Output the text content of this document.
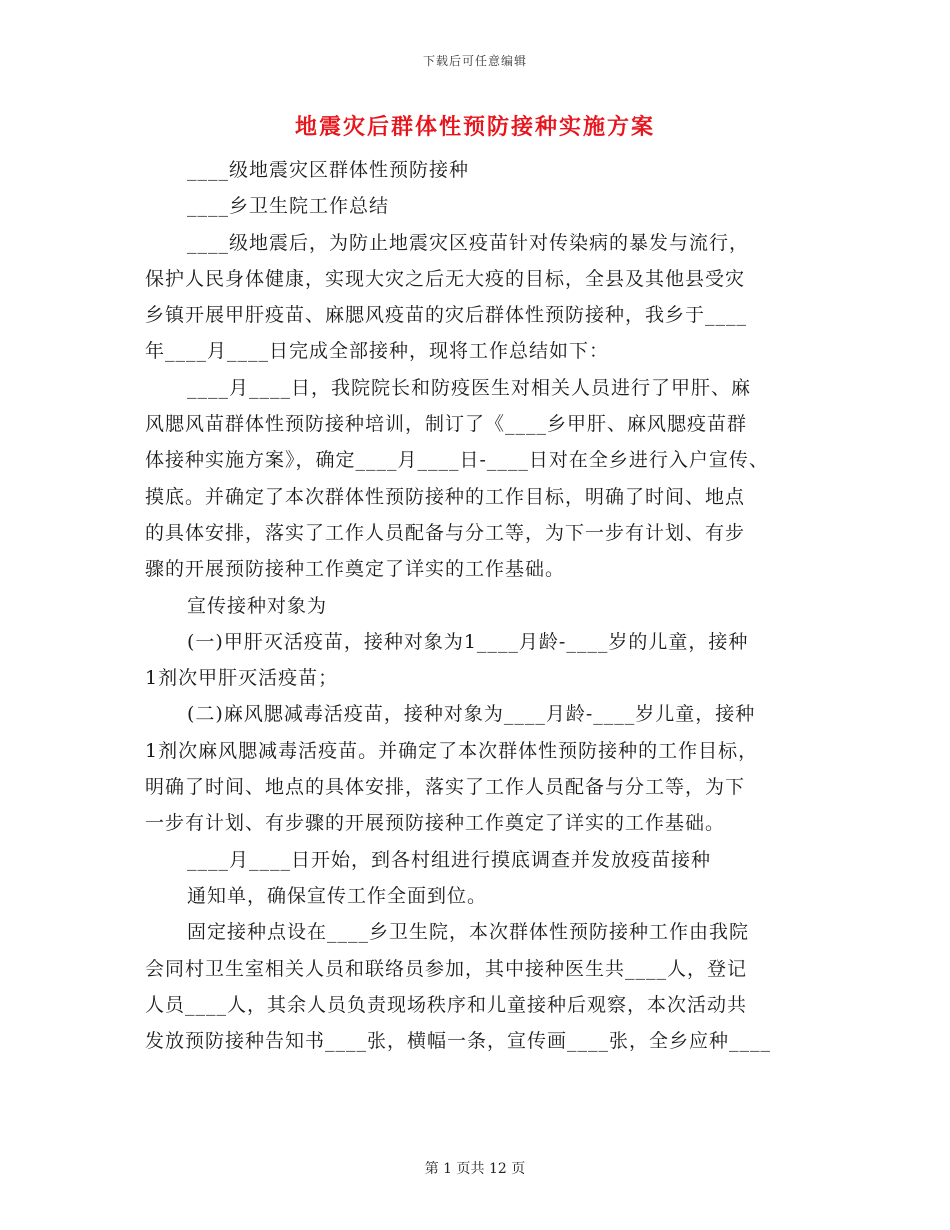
下载后可任意编辑
地震灾后群体性预防接种实施方案
____级地震灾区群体性预防接种
____乡卫生院工作总结
____级地震后，为防止地震灾区疫苗针对传染病的暴发与流行，
保护人民身体健康，实现大灾之后无大疫的目标，全县及其他县受灾
乡镇开展甲肝疫苗、麻腮风疫苗的灾后群体性预防接种，我乡于____
年____月____日完成全部接种，现将工作总结如下：
____月____日，我院院长和防疫医生对相关人员进行了甲肝、麻
风腮风苗群体性预防接种培训，制订了《____乡甲肝、麻风腮疫苗群
体接种实施方案》，确定____月____日-____日对在全乡进行入户宣传、
摸底。并确定了本次群体性预防接种的工作目标，明确了时间、地点
的具体安排，落实了工作人员配备与分工等，为下一步有计划、有步
骤的开展预防接种工作奠定了详实的工作基础。
宣传接种对象为
(一)甲肝灭活疫苗，接种对象为1____月龄-____岁的儿童，接种
1剂次甲肝灭活疫苗；
(二)麻风腮减毒活疫苗，接种对象为____月龄-____岁儿童，接种
1剂次麻风腮减毒活疫苗。并确定了本次群体性预防接种的工作目标，
明确了时间、地点的具体安排，落实了工作人员配备与分工等，为下
一步有计划、有步骤的开展预防接种工作奠定了详实的工作基础。
____月____日开始，到各村组进行摸底调查并发放疫苗接种
通知单，确保宣传工作全面到位。
固定接种点设在____乡卫生院，本次群体性预防接种工作由我院
会同村卫生室相关人员和联络员参加，其中接种医生共____人，登记
人员____人，其余人员负责现场秩序和儿童接种后观察，本次活动共
发放预防接种告知书____张，横幅一条，宣传画____张，全乡应种____
第 1 页共 12 页
